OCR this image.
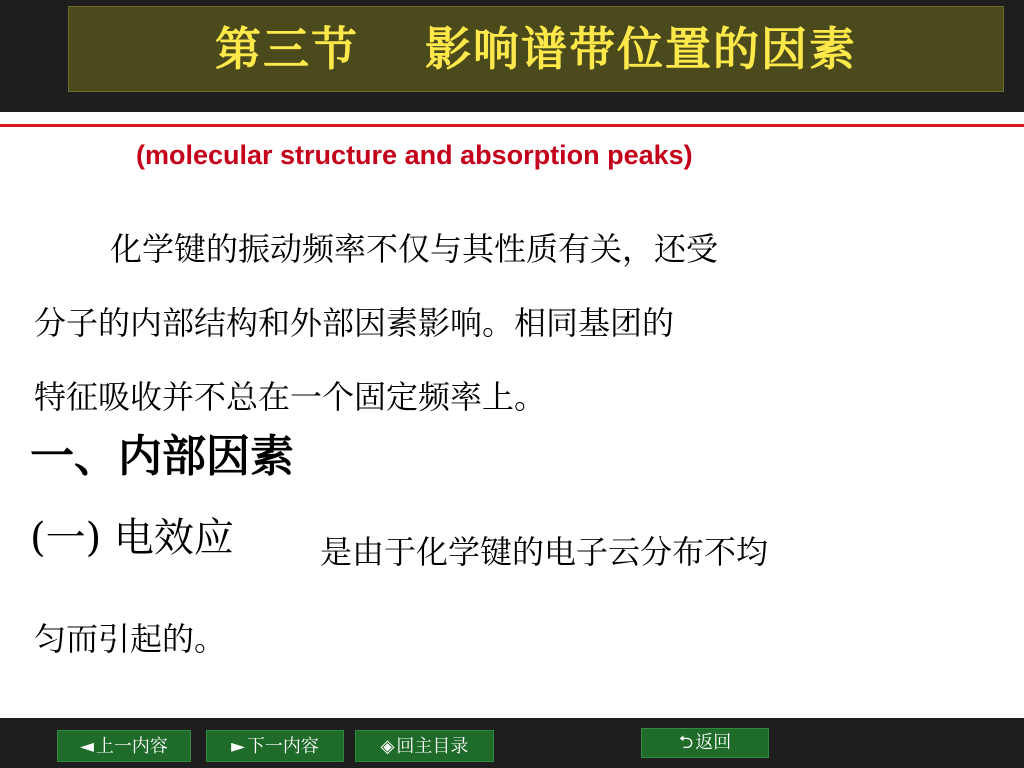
第三节　 影响谱带位置的因素
(molecular structure and absorption peaks)
化学键的振动频率不仅与其性质有关，还受
分子的内部结构和外部因素影响。相同基团的
特征吸收并不总在一个固定频率上。
一、内部因素
(一) 电效应	是由于化学键的电子云分布不均
匀而引起的。
◄ 上一内容	► 下一内容	◈ 回主目录	⮌ 返回
